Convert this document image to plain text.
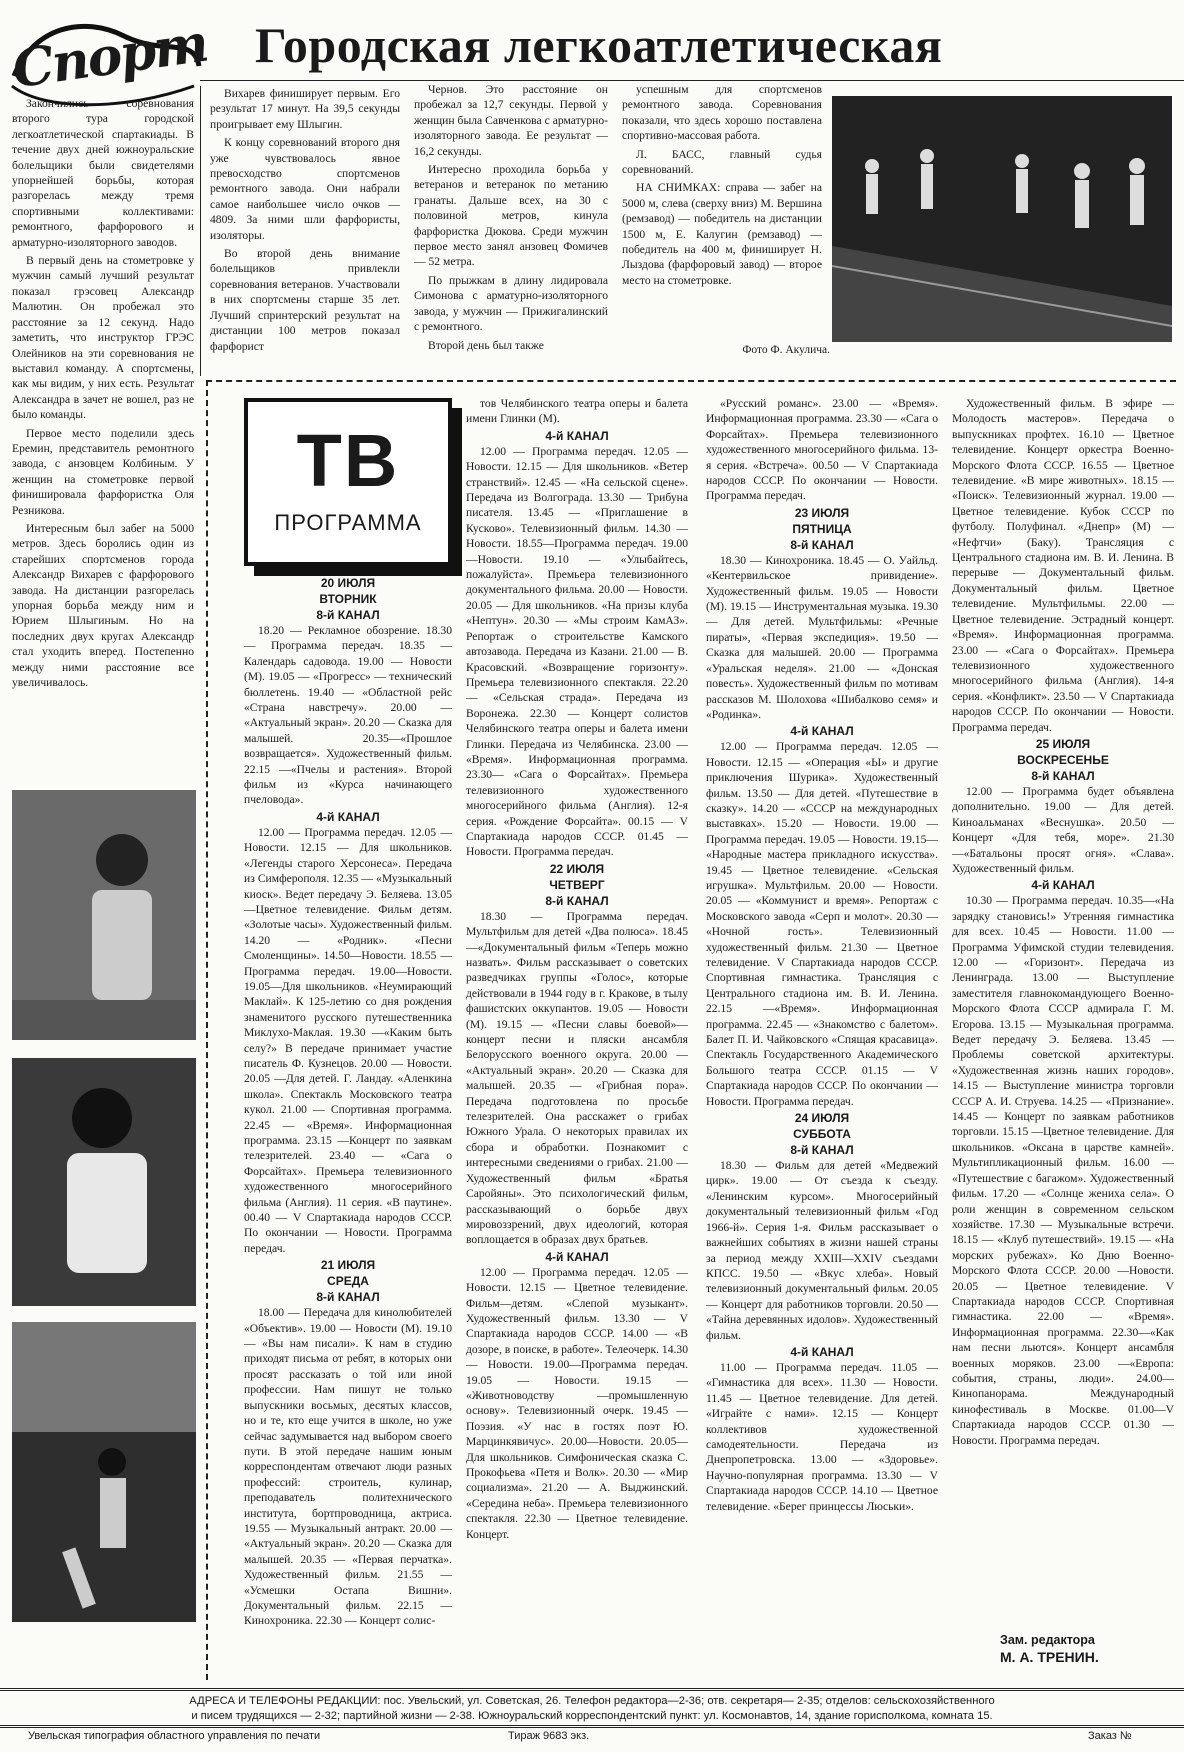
Спорт Городская легкоатлетическая

Закончились соревнования второго тура городской легкоатлетической спартакиады. В течение двух дней южноуральские болельщики были свидетелями упорнейшей борьбы, которая разгорелась между тремя спортивными коллективами: ремонтного, фарфорового и арматурно-изоляторного заводов.

В первый день на стометровке у мужчин самый лучший результат показал грэсовец Александр Малютин. Он пробежал это расстояние за 12 секунд. Надо заметить, что инструктор ГРЭС Олейников на эти соревнования не выставил команду. А спортсмены, как мы видим, у них есть. Результат Александра в зачет не вошел, раз не было команды.

Первое место поделили здесь Еремин, представитель ремонтного завода, с анзовцем Колбиным. У женщин на стометровке первой финишировала фарфористка Оля Резникова.

Интересным был забег на 5000 метров. Здесь боролись один из старейших спортсменов города Александр Вихарев с фарфорового завода. На дистанции разгорелась упорная борьба между ним и Юрием Шлыгиным. Но на последних двух кругах Александр стал уходить вперед. Постепенно между ними расстояние все увеличивалось.

Вихарев финиширует первым. Его результат 17 минут. На 39,5 секунды проигрывает ему Шлыгин.

К концу соревнований второго дня уже чувствовалось явное превосходство спортсменов ремонтного завода. Они набрали самое наибольшее число очков — 4809. За ними шли фарфористы, изоляторы.

Во второй день внимание болельщиков привлекли соревнования ветеранов. Участвовали в них спортсмены старше 35 лет. Лучший спринтерский результат на дистанции 100 метров показал фарфорист

Чернов. Это расстояние он пробежал за 12,7 секунды. Первой у женщин была Савченкова с арматурно-изоляторного завода. Ее результат — 16,2 секунды.

Интересно проходила борьба у ветеранов и ветеранок по метанию гранаты. Дальше всех, на 30 с половиной метров, кинула фарфористка Дюкова. Среди мужчин первое место занял анзовец Фомичев — 52 метра.

По прыжкам в длину лидировала Симонова с арматурно-изоляторного завода, у мужчин — Прижигалинский с ремонтного.

Второй день был также

успешным для спортсменов ремонтного завода. Соревнования показали, что здесь хорошо поставлена спортивно-массовая работа.

Л. БАСС, главный судья соревнований.

НА СНИМКАХ: справа — забег на 5000 м, слева (сверху вниз) М. Вершина (ремзавод) — победитель на дистанции 1500 м, Е. Калугин (ремзавод) — победитель на 400 м, финиширует Н. Лыздова (фарфоровый завод) — второе место на стометровке.

Фото Ф. Акулича.
ТВ
ПРОГРАММА
20 ИЮЛЯ
ВТОРНИК
8-й КАНАЛ
18.20 — Рекламное обозрение. 18.30 — Программа передач. 18.35 — Календарь садовода. 19.00 — Новости (М). 19.05 — «Прогресс» — технический бюллетень. 19.40 — «Областной рейс «Страна навстречу». 20.00 — «Актуальный экран». 20.20 — Сказка для малышей. 20.35—«Прошлое возвращается». Художественный фильм. 22.15 —«Пчелы и растения». Второй фильм из «Курса начинающего пчеловода».
4-й КАНАЛ
12.00 — Программа передач. 12.05 — Новости. 12.15 — Для школьников. «Легенды старого Херсонеса». Передача из Симферополя. 12.35 — «Музыкальный киоск». Ведет передачу Э. Беляева. 13.05 —Цветное телевидение. Фильм детям. «Золотые часы». Художественный фильм. 14.20 — «Родник». «Песни Смоленщины». 14.50—Новости. 18.55 — Программа передач. 19.00—Новости. 19.05—Для школьников. «Неумирающий Маклай». К 125-летию со дня рождения знаменитого русского путешественника Миклухо-Маклая. 19.30 —«Каким быть селу?» В передаче принимает участие писатель Ф. Кузнецов. 20.00 — Новости. 20.05 —Для детей. Г. Ландау. «Аленкина школа». Спектакль Московского театра кукол. 21.00 — Спортивная программа. 22.45 — «Время». Информационная программа. 23.15 —Концерт по заявкам телезрителей. 23.40 — «Сага о Форсайтах». Премьера телевизионного художественного многосерийного фильма (Англия). 11 серия. «В паутине». 00.40 — V Спартакиада народов СССР. По окончании — Новости. Программа передач.
21 ИЮЛЯ
СРЕДА
8-й КАНАЛ
18.00 — Передача для кинолюбителей «Объектив». 19.00 — Новости (М). 19.10 — «Вы нам писали». К нам в студию приходят письма от ребят, в которых они просят рассказать о той или иной профессии. Нам пишут не только выпускники восьмых, десятых классов, но и те, кто еще учится в школе, но уже сейчас задумывается над выбором своего пути. В этой передаче нашим юным корреспондентам отвечают люди разных профессий: строитель, кулинар, преподаватель политехнического института, бортпроводница, актриса. 19.55 — Музыкальный антракт. 20.00 — «Актуальный экран». 20.20 — Сказка для малышей. 20.35 — «Первая перчатка». Художественный фильм. 21.55 — «Усмешки Остапа Вишни». Документальный фильм. 22.15 — Кинохроника. 22.30 — Концерт солис-
тов Челябинского театра оперы и балета имени Глинки (М).
4-й КАНАЛ
12.00 — Программа передач. 12.05 — Новости. 12.15 — Для школьников. «Ветер странствий». 12.45 — «На сельской сцене». Передача из Волгограда. 13.30 — Трибуна писателя. 13.45 — «Приглашение в Кусково». Телевизионный фильм. 14.30 — Новости. 18.55—Программа передач. 19.00—Новости. 19.10 — «Улыбайтесь, пожалуйста». Премьера телевизионного документального фильма. 20.00 — Новости. 20.05 — Для школьников. «На призы клуба «Нептун». 20.30 — «Мы строим КамАЗ». Репортаж о строительстве Камского автозавода. Передача из Казани. 21.00 — В. Красовский. «Возвращение горизонту». Премьера телевизионного спектакля. 22.20 — «Сельская страда». Передача из Воронежа. 22.30 — Концерт солистов Челябинского театра оперы и балета имени Глинки. Передача из Челябинска. 23.00 — «Время». Информационная программа. 23.30— «Сага о Форсайтах». Премьера телевизионного художественного многосерийного фильма (Англия). 12-я серия. «Рождение Форсайта». 00.15 — V Спартакиада народов СССР. 01.45 — Новости. Программа передач.
22 ИЮЛЯ
ЧЕТВЕРГ
8-й КАНАЛ
18.30 — Программа передач. Мультфильм для детей «Два полюса». 18.45 —«Документальный фильм «Теперь можно назвать». Фильм рассказывает о советских разведчиках группы «Голос», которые действовали в 1944 году в г. Кракове, в тылу фашистских оккупантов. 19.05 — Новости (М). 19.15 — «Песни славы боевой»— концерт песни и пляски ансамбля Белорусского военного округа. 20.00 — «Актуальный экран». 20.20 — Сказка для малышей. 20.35 — «Грибная пора». Передача подготовлена по просьбе телезрителей. Она расскажет о грибах Южного Урала. О некоторых правилах их сбора и обработки. Познакомит с интересными сведениями о грибах. 21.00 — Художественный фильм «Братья Саройяны». Это психологический фильм, рассказывающий о борьбе двух мировоззрений, двух идеологий, которая воплощается в образах двух братьев.
4-й КАНАЛ
12.00 — Программа передач. 12.05 — Новости. 12.15 — Цветное телевидение. Фильм—детям. «Слепой музыкант». Художественный фильм. 13.30 — V Спартакиада народов СССР. 14.00 — «В дозоре, в поиске, в работе». Телеочерк. 14.30 — Новости. 19.00—Программа передач. 19.05 — Новости. 19.15 — «Животноводству —промышленную основу». Телевизионный очерк. 19.45 — Поэзия. «У нас в гостях поэт Ю. Марцинкявичус». 20.00—Новости. 20.05— Для школьников. Симфоническая сказка С. Прокофьева «Петя и Волк». 20.30 — «Мир социализма». 21.20 — А. Выджинский. «Середина неба». Премьера телевизионного спектакля. 22.30 — Цветное телевидение. Концерт.
«Русский романс». 23.00 — «Время». Информационная программа. 23.30 — «Сага о Форсайтах». Премьера телевизионного художественного многосерийного фильма. 13-я серия. «Встреча». 00.50 — V Спартакиада народов СССР. По окончании — Новости. Программа передач.
23 ИЮЛЯ
ПЯТНИЦА
8-й КАНАЛ
18.30 — Кинохроника. 18.45 — О. Уайльд. «Кентервильское привидение». Художественный фильм. 19.05 — Новости (М). 19.15 — Инструментальная музыка. 19.30— Для детей. Мультфильмы: «Речные пираты», «Первая экспедиция». 19.50 — Сказка для малышей. 20.00 — Программа «Уральская неделя». 21.00 — «Донская повесть». Художественный фильм по мотивам рассказов М. Шолохова «Шибалково семя» и «Родинка».
4-й КАНАЛ
12.00 — Программа передач. 12.05 — Новости. 12.15 — «Операция «Ы» и другие приключения Шурика». Художественный фильм. 13.50 — Для детей. «Путешествие в сказку». 14.20 — «СССР на международных выставках». 15.20 — Новости. 19.00 — Программа передач. 19.05 — Новости. 19.15— «Народные мастера прикладного искусства». 19.45 — Цветное телевидение. «Сельская игрушка». Мультфильм. 20.00 — Новости. 20.05 — «Коммунист и время». Репортаж с Московского завода «Серп и молот». 20.30 — «Ночной гость». Телевизионный художественный фильм. 21.30 — Цветное телевидение. V Спартакиада народов СССР. Спортивная гимнастика. Трансляция с Центрального стадиона им. В. И. Ленина. 22.15 —«Время». Информационная программа. 22.45 — «Знакомство с балетом». Балет П. И. Чайковского «Спящая красавица». Спектакль Государственного Академического Большого театра СССР. 01.15 — V Спартакиада народов СССР. По окончании — Новости. Программа передач.
24 ИЮЛЯ
СУББОТА
8-й КАНАЛ
18.30 — Фильм для детей «Медвежий цирк». 19.00 — От съезда к съезду. «Ленинским курсом». Многосерийный документальный телевизионный фильм «Год 1966-й». Серия 1-я. Фильм рассказывает о важнейших событиях в жизни нашей страны за период между XXIII—XXIV съездами КПСС. 19.50 — «Вкус хлеба». Новый телевизионный документальный фильм. 20.05 — Концерт для работников торговли. 20.50 — «Тайна деревянных идолов». Художественный фильм.
4-й КАНАЛ
11.00 — Программа передач. 11.05 — «Гимнастика для всех». 11.30 — Новости. 11.45 — Цветное телевидение. Для детей. «Играйте с нами». 12.15 — Концерт коллективов художественной самодеятельности. Передача из Днепропетровска. 13.00 — «Здоровье». Научно-популярная программа. 13.30 — V Спартакиада народов СССР. 14.10 — Цветное телевидение. «Берег принцессы Люськи».
Художественный фильм. В эфире — Молодость мастеров». Передача о выпускниках профтех. 16.10 — Цветное телевидение. Концерт оркестра Военно-Морского Флота СССР. 16.55 — Цветное телевидение. «В мире животных». 18.15 — «Поиск». Телевизионный журнал. 19.00 — Цветное телевидение. Кубок СССР по футболу. Полуфинал. «Днепр» (М) — «Нефтчи» (Баку). Трансляция с Центрального стадиона им. В. И. Ленина. В перерыве — Документальный фильм. Документальный фильм. Цветное телевидение. Мультфильмы. 22.00 — Цветное телевидение. Эстрадный концерт. «Время». Информационная программа. 23.00 — «Сага о Форсайтах». Премьера телевизионного художественного многосерийного фильма (Англия). 14-я серия. «Конфликт». 23.50 — V Спартакиада народов СССР. По окончании — Новости. Программа передач.
25 ИЮЛЯ
ВОСКРЕСЕНЬЕ
8-й КАНАЛ
12.00 — Программа будет объявлена дополнительно. 19.00 — Для детей. Киноальманах «Веснушка». 20.50 — Концерт «Для тебя, море». 21.30—«Батальоны просят огня». «Слава». Художественный фильм.
4-й КАНАЛ
10.30 — Программа передач. 10.35—«На зарядку становись!» Утренняя гимнастика для всех. 10.45 — Новости. 11.00 — Программа Уфимской студии телевидения. 12.00 — «Горизонт». Передача из Ленинграда. 13.00 — Выступление заместителя главнокомандующего Военно-Морского Флота СССР адмирала Г. М. Егорова. 13.15 — Музыкальная программа. Ведет передачу Э. Беляева. 13.45 — Проблемы советской архитектуры. «Художественная жизнь наших городов». 14.15 — Выступление министра торговли СССР А. И. Струева. 14.25 — «Признание». 14.45 — Концерт по заявкам работников торговли. 15.15 —Цветное телевидение. Для школьников. «Оксана в царстве камней». Мультипликационный фильм. 16.00 — «Путешествие с багажом». Художественный фильм. 17.20 — «Солнце жениха села». О роли женщин в современном сельском хозяйстве. 17.30 — Музыкальные встречи. 18.15 — «Клуб путешествий». 19.15 — «На морских рубежах». Ко Дню Военно-Морского Флота СССР. 20.00 —Новости. 20.05 — Цветное телевидение. V Спартакиада народов СССР. Спортивная гимнастика. 22.00 — «Время». Информационная программа. 22.30—«Как нам песни льются». Концерт ансамбля военных моряков. 23.00 —«Европа: события, страны, люди». 24.00—Кинопанорама. Международный кинофестиваль в Москве. 01.00—V Спартакиада народов СССР. 01.30 — Новости. Программа передач.
Зам. редактора
М. А. ТРЕНИН.
АДРЕСА И ТЕЛЕФОНЫ РЕДАКЦИИ: пос. Увельский, ул. Советская, 26. Телефон редактора—2-36; отв. секретаря— 2-35; отделов: сельскохозяйственного
и писем трудящихся — 2-32; партийной жизни — 2-38. Южноуральский корреспондентский пункт: ул. Космонавтов, 14, здание горисполкома, комната 15.
Увельская типография областного управления по печати	Тираж 9683 экз.	Заказ №
